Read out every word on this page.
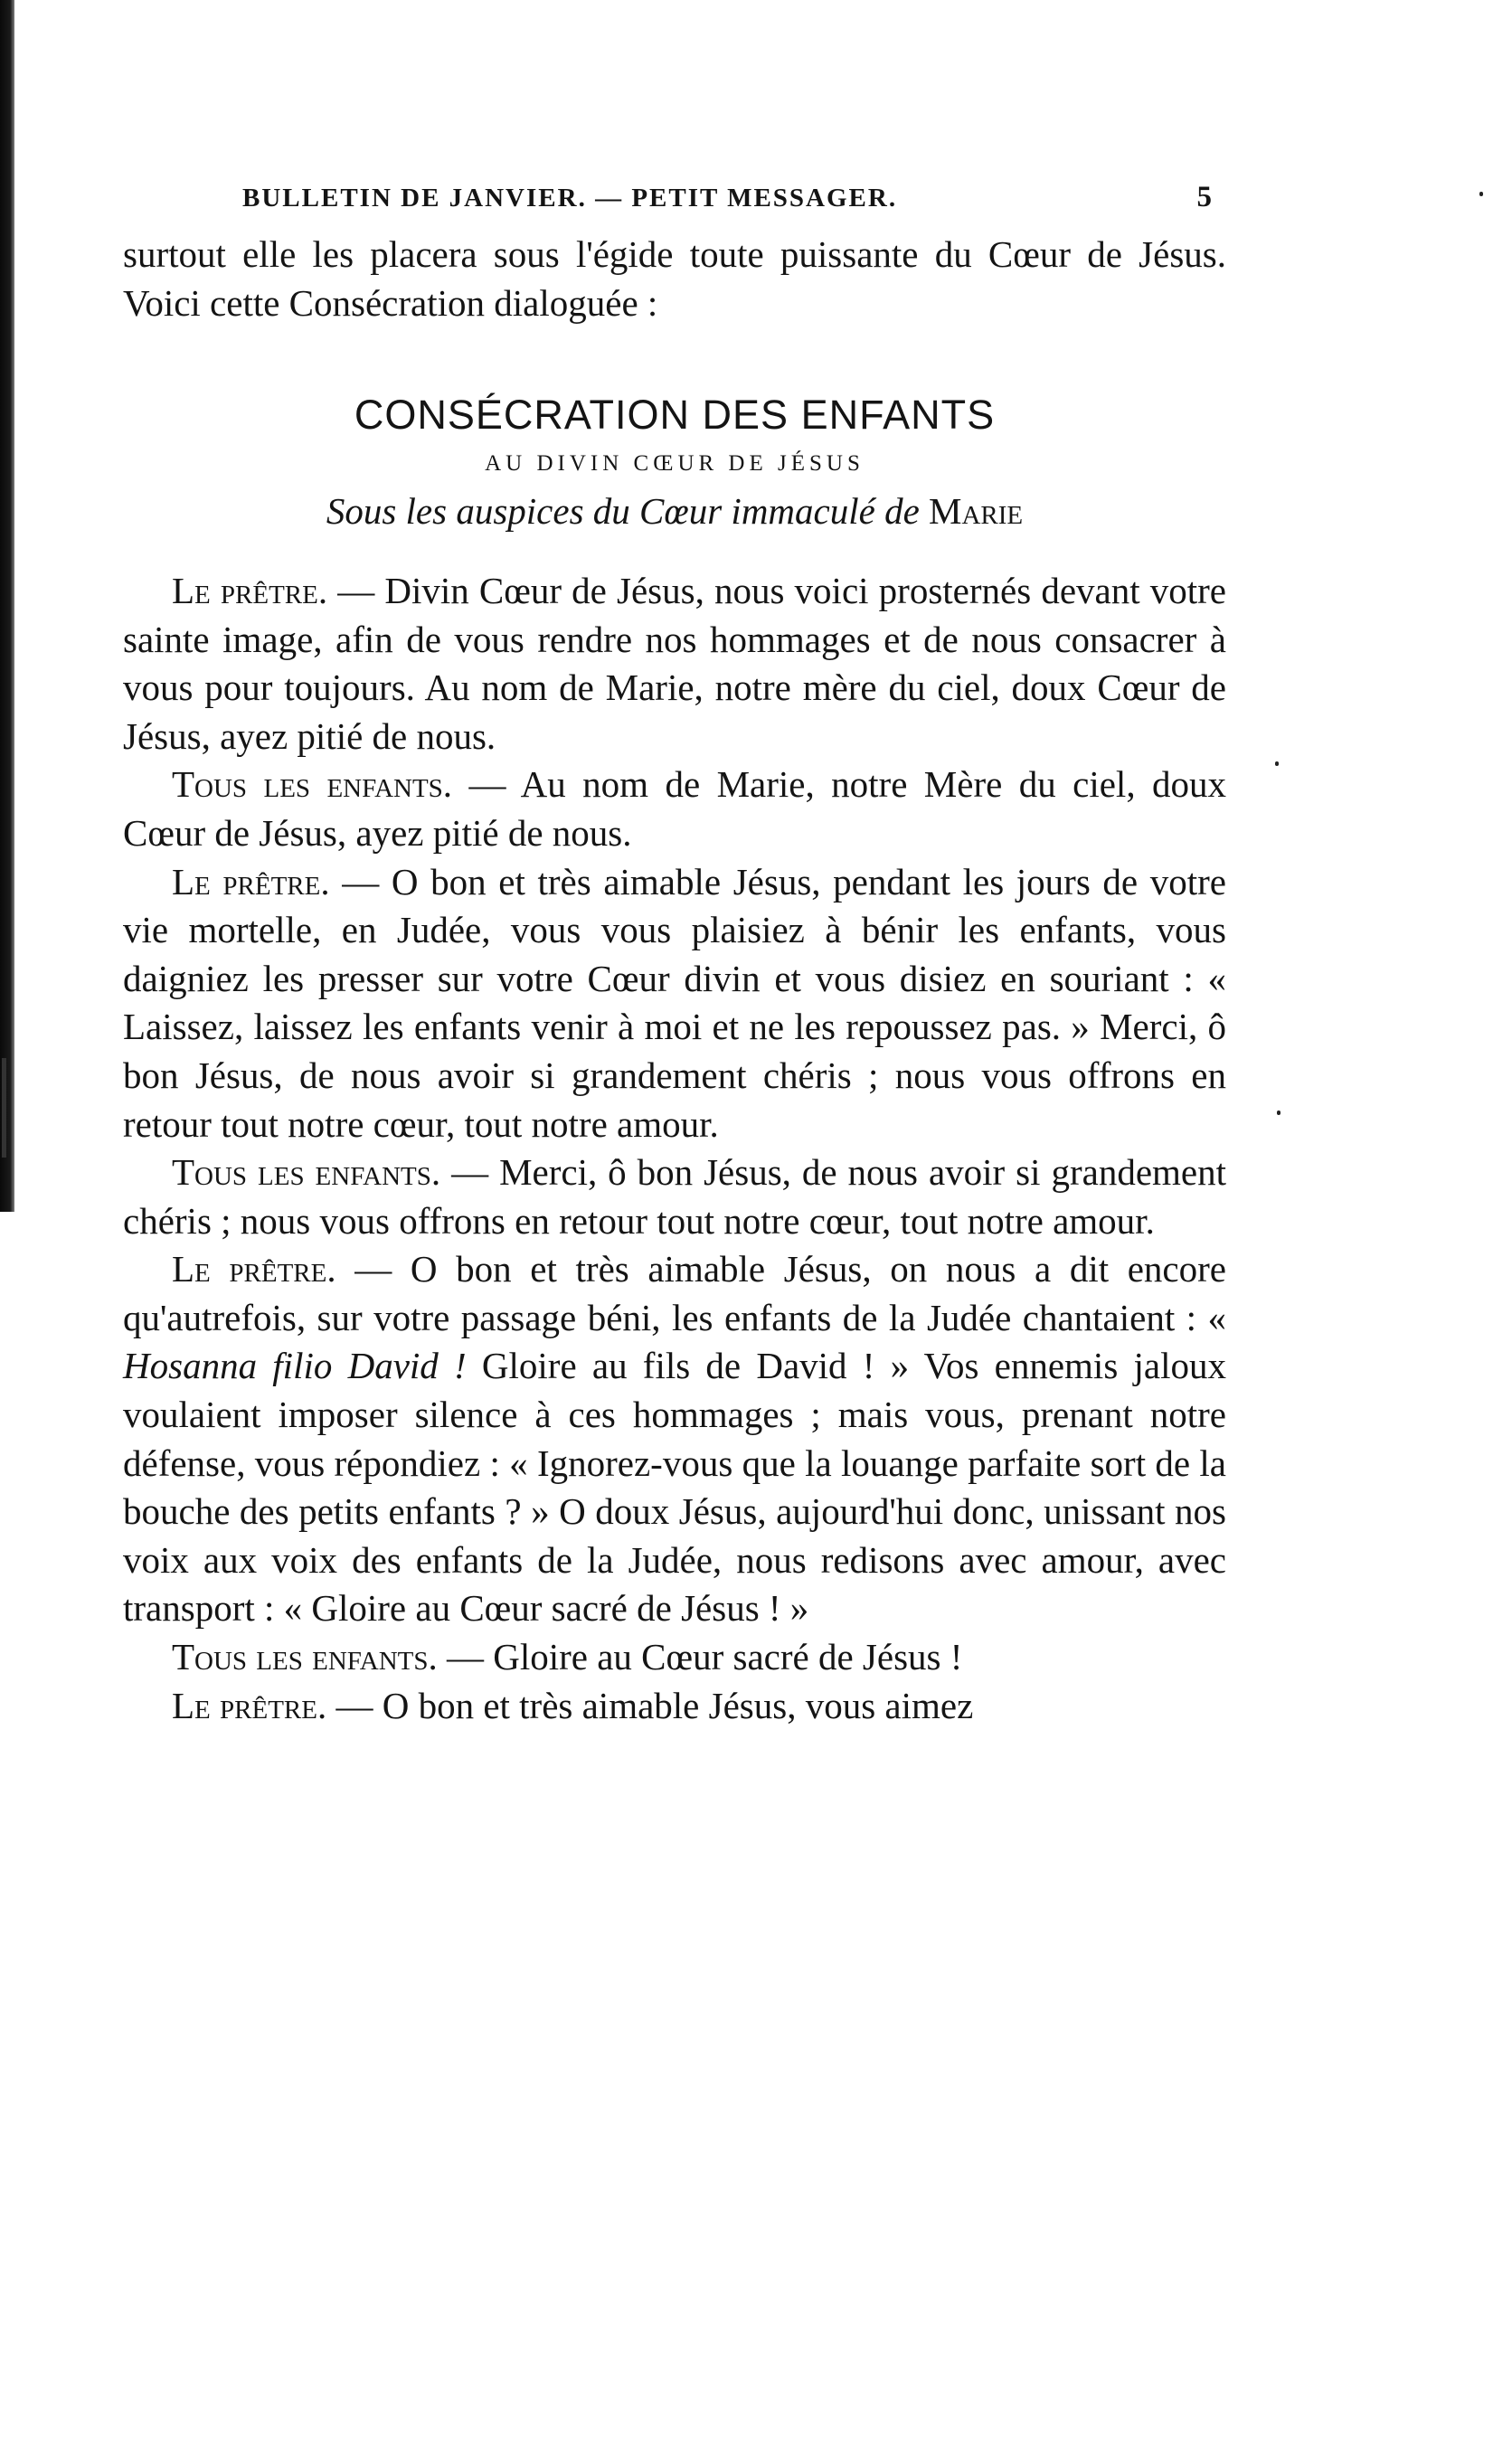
BULLETIN DE JANVIER. — PETIT MESSAGER.	5

surtout elle les placera sous l'égide toute puissante du Cœur de Jésus. Voici cette Consécration dialoguée :

CONSÉCRATION DES ENFANTS

AU DIVIN CŒUR DE JÉSUS

Sous les auspices du Cœur immaculé de Marie

Le prêtre. — Divin Cœur de Jésus, nous voici prosternés devant votre sainte image, afin de vous rendre nos hommages et de nous consacrer à vous pour toujours. Au nom de Marie, notre mère du ciel, doux Cœur de Jésus, ayez pitié de nous.

Tous les enfants. — Au nom de Marie, notre Mère du ciel, doux Cœur de Jésus, ayez pitié de nous.

Le prêtre. — O bon et très aimable Jésus, pendant les jours de votre vie mortelle, en Judée, vous vous plaisiez à bénir les enfants, vous daigniez les presser sur votre Cœur divin et vous disiez en souriant : « Laissez, laissez les enfants venir à moi et ne les repoussez pas. » Merci, ô bon Jésus, de nous avoir si grandement chéris ; nous vous offrons en retour tout notre cœur, tout notre amour.

Tous les enfants. — Merci, ô bon Jésus, de nous avoir si grandement chéris ; nous vous offrons en retour tout notre cœur, tout notre amour.

Le prêtre. — O bon et très aimable Jésus, on nous a dit encore qu'autrefois, sur votre passage béni, les enfants de la Judée chantaient : « Hosanna filio David ! Gloire au fils de David ! » Vos ennemis jaloux voulaient imposer silence à ces hommages ; mais vous, prenant notre défense, vous répondiez : « Ignorez-vous que la louange parfaite sort de la bouche des petits enfants ? » O doux Jésus, aujourd'hui donc, unissant nos voix aux voix des enfants de la Judée, nous redisons avec amour, avec transport : « Gloire au Cœur sacré de Jésus ! »

Tous les enfants. — Gloire au Cœur sacré de Jésus !

Le prêtre. — O bon et très aimable Jésus, vous aimez
